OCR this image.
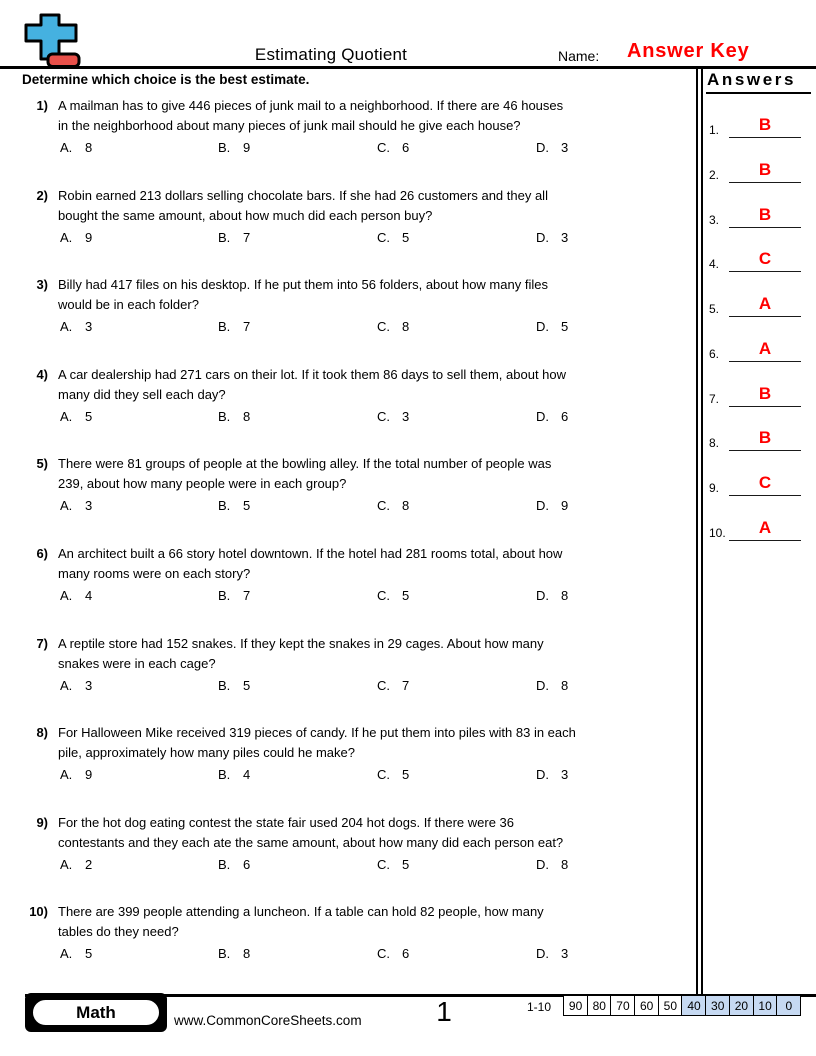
Estimating Quotient	Name: Answer Key
Determine which choice is the best estimate.
1) A mailman has to give 446 pieces of junk mail to a neighborhood. If there are 46 houses
in the neighborhood about many pieces of junk mail should he give each house?
A. 8	B. 9	C. 6	D. 3
2) Robin earned 213 dollars selling chocolate bars. If she had 26 customers and they all
bought the same amount, about how much did each person buy?
A. 9	B. 7	C. 5	D. 3
3) Billy had 417 files on his desktop. If he put them into 56 folders, about how many files
would be in each folder?
A. 3	B. 7	C. 8	D. 5
4) A car dealership had 271 cars on their lot. If it took them 86 days to sell them, about how
many did they sell each day?
A. 5	B. 8	C. 3	D. 6
5) There were 81 groups of people at the bowling alley. If the total number of people was
239, about how many people were in each group?
A. 3	B. 5	C. 8	D. 9
6) An architect built a 66 story hotel downtown. If the hotel had 281 rooms total, about how
many rooms were on each story?
A. 4	B. 7	C. 5	D. 8
7) A reptile store had 152 snakes. If they kept the snakes in 29 cages. About how many
snakes were in each cage?
A. 3	B. 5	C. 7	D. 8
8) For Halloween Mike received 319 pieces of candy. If he put them into piles with 83 in each
pile, approximately how many piles could he make?
A. 9	B. 4	C. 5	D. 3
9) For the hot dog eating contest the state fair used 204 hot dogs. If there were 36
contestants and they each ate the same amount, about how many did each person eat?
A. 2	B. 6	C. 5	D. 8
10) There are 399 people attending a luncheon. If a table can hold 82 people, how many
tables do they need?
A. 5	B. 8	C. 6	D. 3
Answers
1.	B
2.	B
3.	B
4.	C
5.	A
6.	A
7.	B
8.	B
9.	C
10.	A
Math	www.CommonCoreSheets.com	1	1-10	90 80 70 60 50 40 30 20 10	0
